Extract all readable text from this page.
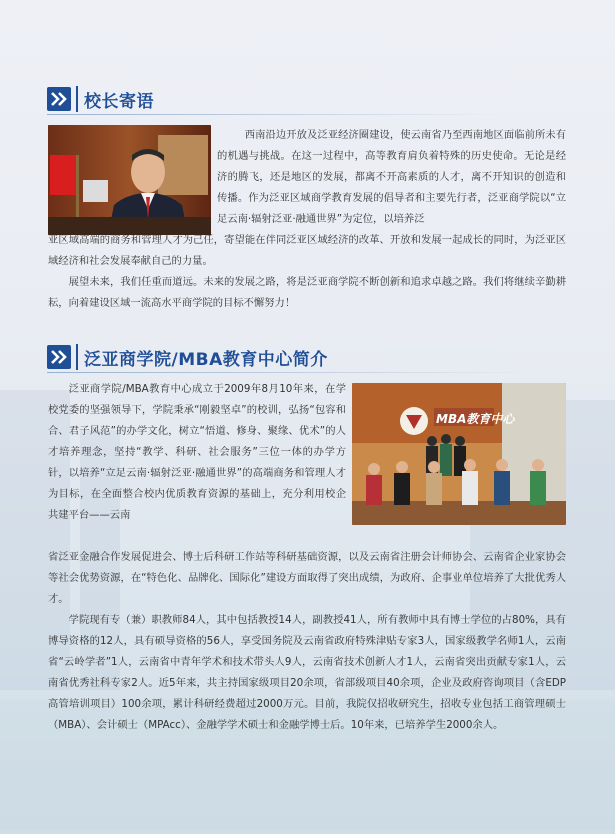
校长寄语

西南沿边开放及泛亚经济圈建设，使云南省乃至西南地区面临前所未有的机遇与挑战。在这一过程中，高等教育肩负着特殊的历史使命。无论是经济的腾飞，还是地区的发展，都离不开高素质的人才，离不开知识的创造和传播。作为泛亚区域商学教育发展的倡导者和主要先行者，泛亚商学院以“立足云南·辐射泛亚·融通世界”为定位，以培养泛

亚区域高端的商务和管理人才为己任，寄望能在伴同泛亚区域经济的改革、开放和发展一起成长的同时，为泛亚区域经济和社会发展奉献自己的力量。

展望未来，我们任重而道远。未来的发展之路，将是泛亚商学院不断创新和追求卓越之路。我们将继续辛勤耕耘，向着建设区域一流高水平商学院的目标不懈努力！

泛亚商学院/MBA教育中心简介
MBA教育中心

泛亚商学院/MBA教育中心成立于2009年8月10年来，在学校党委的坚强领导下，学院秉承“刚毅坚卓”的校训，弘扬“包容和合、君子风范”的办学文化，树立“悟道、修身、聚缘、优术”的人才培养理念，坚持“教学、科研、社会服务”三位一体的办学方针，以培养“立足云南·辐射泛亚·融通世界”的高端商务和管理人才为目标，在全面整合校内优质教育资源的基础上，充分利用校企共建平台——云南

省泛亚金融合作发展促进会、博士后科研工作站等科研基础资源，以及云南省注册会计师协会、云南省企业家协会等社会优势资源，在“特色化、品牌化、国际化”建设方面取得了突出成绩，为政府、企事业单位培养了大批优秀人才。

学院现有专（兼）职教师84人，其中包括教授14人，副教授41人，所有教师中具有博士学位的占80%，具有博导资格的12人，具有硕导资格的56人，享受国务院及云南省政府特殊津贴专家3人，国家级教学名师1人，云南省“云岭学者”1人，云南省中青年学术和技术带头人9人，云南省技术创新人才1人，云南省突出贡献专家1人，云南省优秀社科专家2人。近5年来，共主持国家级项目20余项，省部级项目40余项，企业及政府咨询项目（含EDP高管培训项目）100余项，累计科研经费超过2000万元。目前，我院仅招收研究生，招收专业包括工商管理硕士（MBA）、会计硕士（MPAcc）、金融学学术硕士和金融学博士后。10年来，已培养学生2000余人。
